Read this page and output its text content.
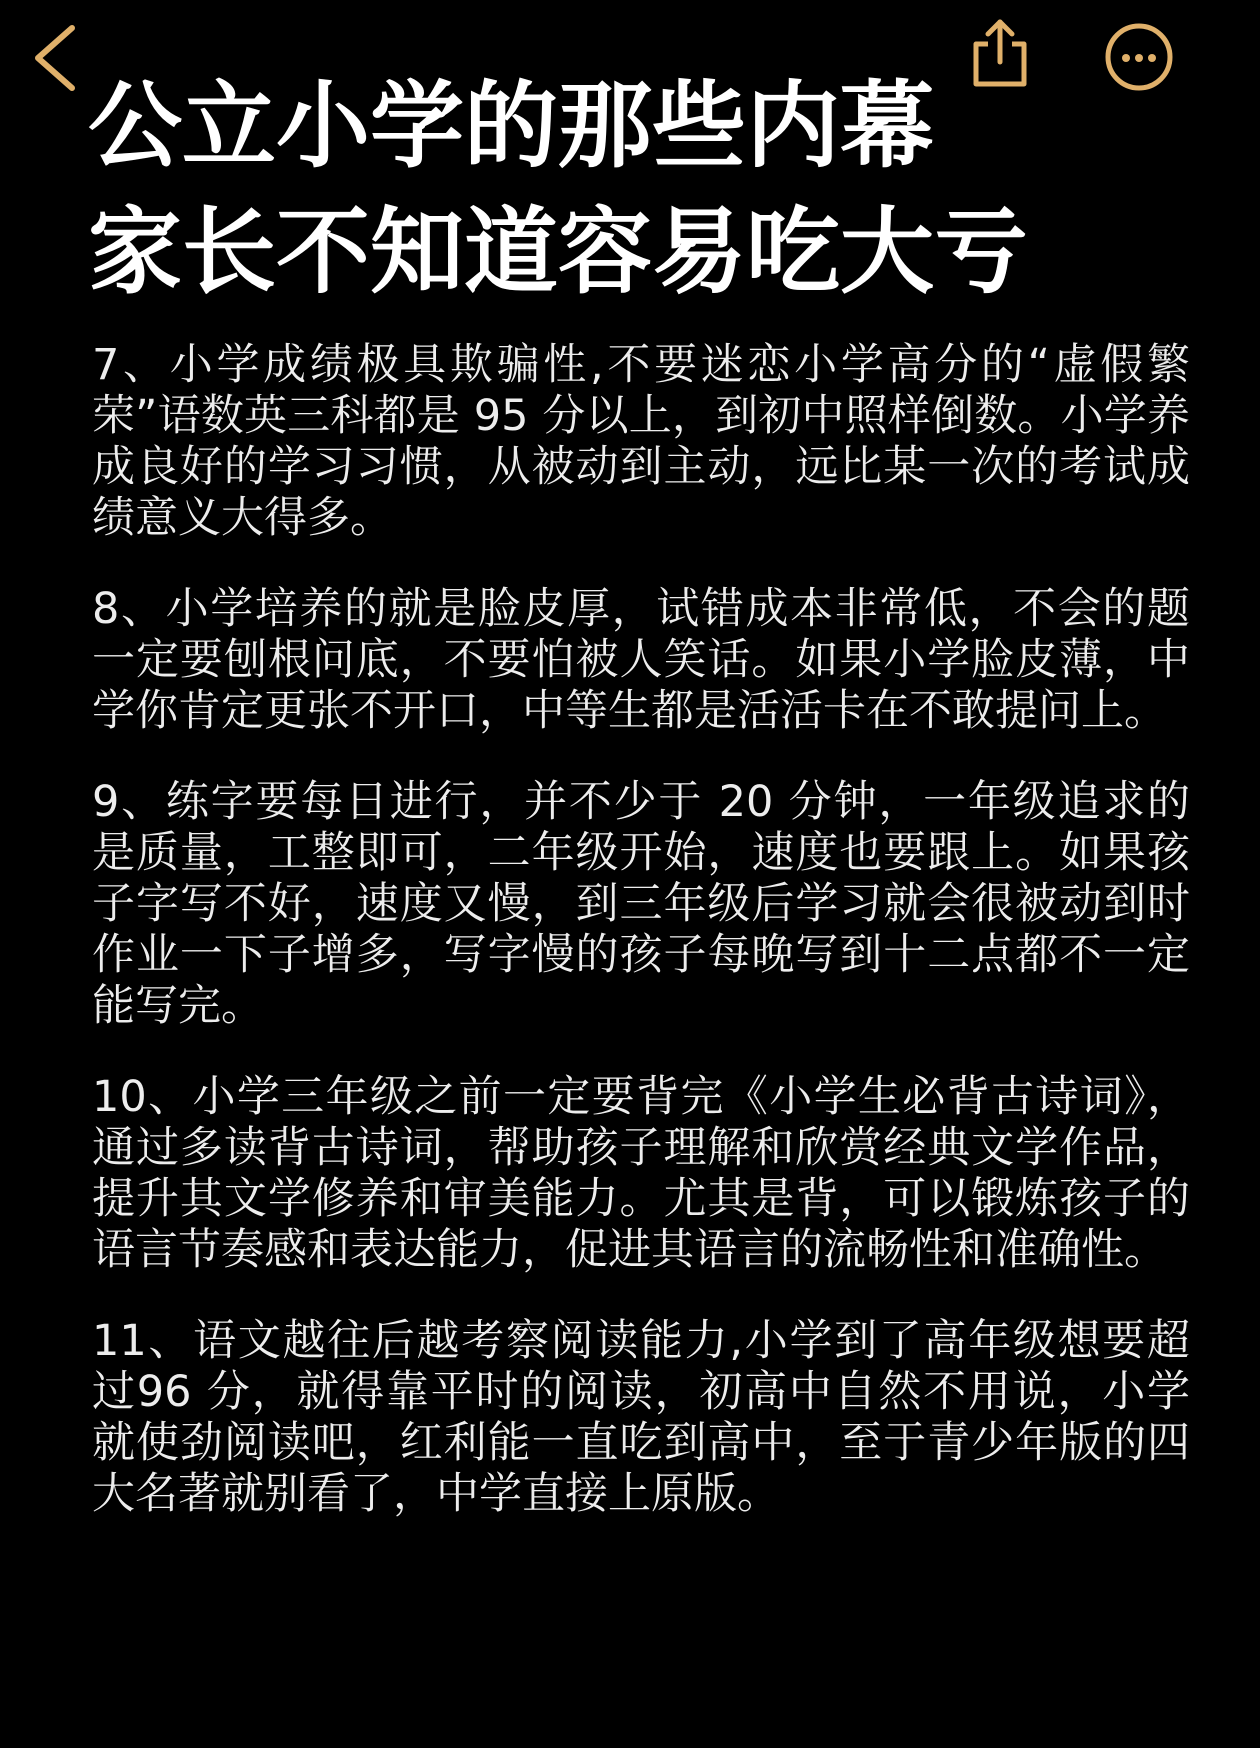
公立小学的那些内幕
家长不知道容易吃大亏

7、小学成绩极具欺骗性,不要迷恋小学高分的“虚假繁荣”语数英三科都是 95 分以上，到初中照样倒数。小学养成良好的学习习惯，从被动到主动，远比某一次的考试成绩意义大得多。

8、小学培养的就是脸皮厚，试错成本非常低，不会的题一定要刨根问底，不要怕被人笑话。如果小学脸皮薄，中学你肯定更张不开口，中等生都是活活卡在不敢提问上。

9、练字要每日进行，并不少于 20 分钟，一年级追求的是质量，工整即可，二年级开始，速度也要跟上。如果孩子字写不好，速度又慢，到三年级后学习就会很被动到时作业一下子增多，写字慢的孩子每晚写到十二点都不一定能写完。

10、小学三年级之前一定要背完《小学生必背古诗词》，通过多读背古诗词，帮助孩子理解和欣赏经典文学作品，提升其文学修养和审美能力。尤其是背，可以锻炼孩子的语言节奏感和表达能力，促进其语言的流畅性和准确性。

11、语文越往后越考察阅读能力,小学到了高年级想要超过96 分，就得靠平时的阅读，初高中自然不用说，小学就使劲阅读吧，红利能一直吃到高中，至于青少年版的四大名著就别看了，中学直接上原版。
